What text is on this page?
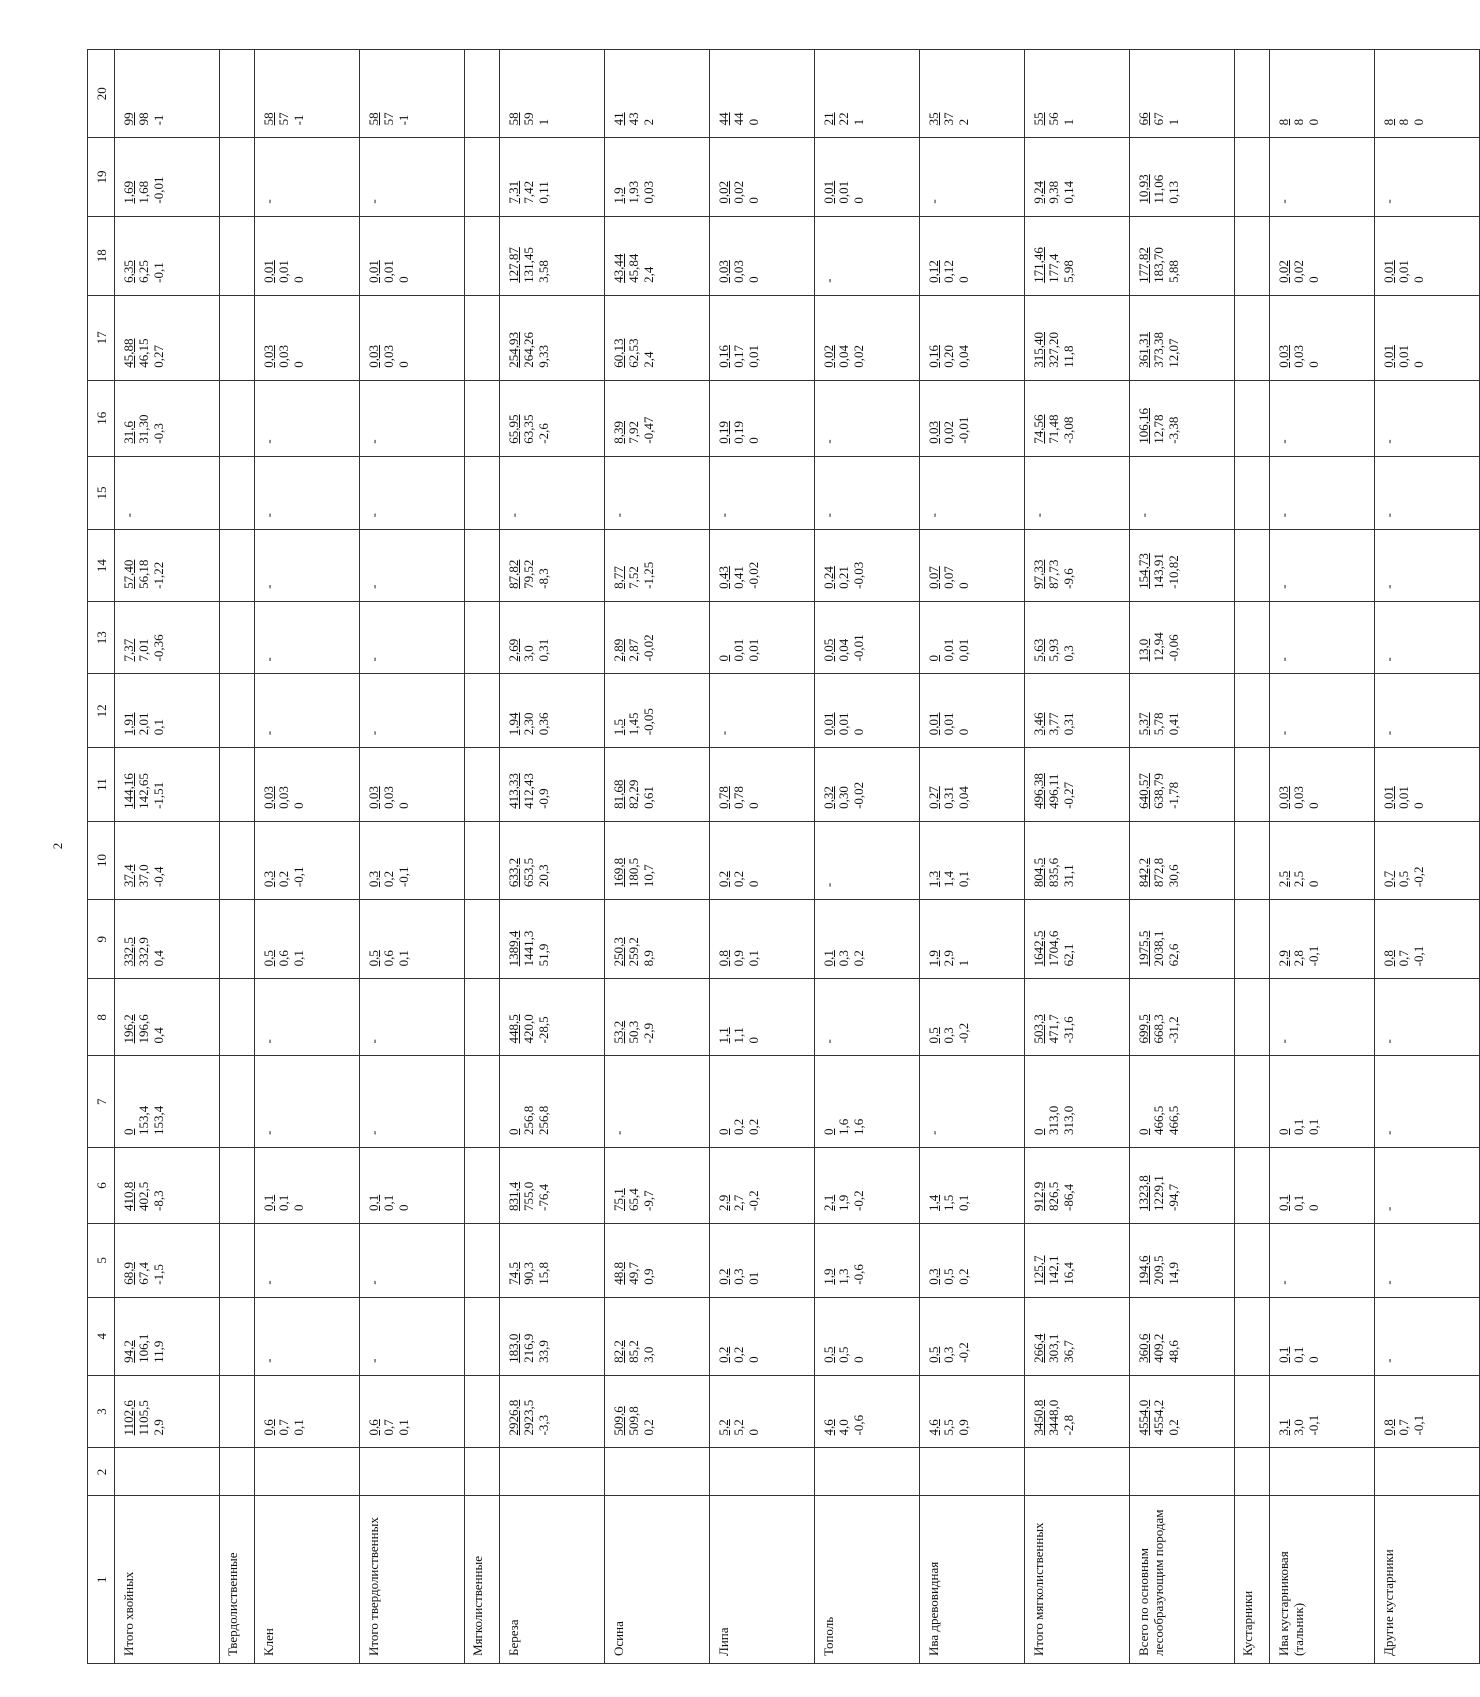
2
1	2	3	4	5	6	7	8	9	10	11	12	13	14	15	16	17	18	19	20
Итого хвойных		1102,6 1105,5 2,9	94,2 106,1 11,9	68,9 67,4 -1,5	410,8 402,5 -8,3	0 153,4 153,4	196,2 196,6 0,4	332,5 332,9 0,4	37,4 37,0 -0,4	144,16 142,65 -1,51	1,91 2,01 0,1	7,37 7,01 -0,36	57,40 56,18 -1,22	-	31,6 31,30 -0,3	45,88 46,15 0,27	6,35 6,25 -0,1	1,69 1,68 -0,01	99 98 -1

Твердолиственные																			
Клен		0,6 0,7 0,1	-	-	0,1 0,1 0	-	-	0,5 0,6 0,1	0,3 0,2 -0,1	0,03 0,03 0	-	-	-	-	-	0,03 0,03 0	0,01 0,01 0	-	58 57 -1

Итого твердолиственных		0,6 0,7 0,1	-	-	0,1 0,1 0	-	-	0,5 0,6 0,1	0,3 0,2 -0,1	0,03 0,03 0	-	-	-	-	-	0,03 0,03 0	0,01 0,01 0	-	58 57 -1

Мягколиственные																			
Береза		2926,8 2923,5 -3,3	183,0 216,9 33,9	74,5 90,3 15,8	831,4 755,0 -76,4	0 256,8 256,8	448,5 420,0 -28,5	1389,4 1441,3 51,9	633,2 653,5 20,3	413,33 412,43 -0,9	1,94 2,30 0,36	2,69 3,0 0,31	87,82 79,52 -8,3	-	65,95 63,35 -2,6	254,93 264,26 9,33	127,87 131,45 3,58	7,31 7,42 0,11	58 59 1

Осина		509,6 509,8 0,2	82,2 85,2 3,0	48,8 49,7 0,9	75,1 65,4 -9,7	-	53,2 50,3 -2,9	250,3 259,2 8,9	169,8 180,5 10,7	81,68 82,29 0,61	1,5 1,45 -0,05	2,89 2,87 -0,02	8,77 7,52 -1,25	-	8,39 7,92 -0,47	60,13 62,53 2,4	43,44 45,84 2,4	1,9 1,93 0,03	41 43 2

Липа		5,2 5,2 0	0,2 0,2 0	0,2 0,3 01	2,9 2,7 -0,2	0 0,2 0,2	1,1 1,1 0	0,8 0,9 0,1	0,2 0,2 0	0,78 0,78 0	-	0 0,01 0,01	0,43 0,41 -0,02	-	0,19 0,19 0	0,16 0,17 0,01	0,03 0,03 0	0,02 0,02 0	44 44 0

Тополь		4,6 4,0 -0,6	0,5 0,5 0	1,9 1,3 -0,6	2,1 1,9 -0,2	0 1,6 1,6	-	0,1 0,3 0,2	-	0,32 0,30 -0,02	0,01 0,01 0	0,05 0,04 -0,01	0,24 0,21 -0,03	-	-	0,02 0,04 0,02	-	0,01 0,01 0	21 22 1

Ива древовидная		4,6 5,5 0,9	0,5 0,3 -0,2	0,3 0,5 0,2	1,4 1,5 0,1	-	0,5 0,3 -0,2	1,9 2,9 1	1,3 1,4 0,1	0,27 0,31 0,04	0,01 0,01 0	0 0,01 0,01	0,07 0,07 0	-	0,03 0,02 -0,01	0,16 0,20 0,04	0,12 0,12 0	-	35 37 2

Итого мягколиственных		3450,8 3448,0 -2,8	266,4 303,1 36,7	125,7 142,1 16,4	912,9 826,5 -86,4	0 313,0 313,0	503,3 471,7 -31,6	1642,5 1704,6 62,1	804,5 835,6 31,1	496,38 496,11 -0,27	3,46 3,77 0,31	5,63 5,93 0,3	97,33 87,73 -9,6	-	74,56 71,48 -3,08	315,40 327,20 11,8	171,46 177,4 5,98	9,24 9,38 0,14	55 56 1

Всего по основным лесообразующим породам		4554,0 4554,2 0,2	360,6 409,2 48,6	194,6 209,5 14,9	1323,8 1229,1 -94,7	0 466,5 466,5	699,5 668,3 -31,2	1975,5 2038,1 62,6	842,2 872,8 30,6	640,57 638,79 -1,78	5,37 5,78 0,41	13,0 12,94 -0,06	154,73 143,91 -10,82	-	106,16 12,78 -3,38	361,31 373,38 12,07	177,82 183,70 5,88	10,93 11,06 0,13	66 67 1

Кустарники																			
Ива кустарниковая (тальник)		3,1 3,0 -0,1	0,1 0,1 0	-	0,1 0,1 0	0 0,1 0,1	-	2,9 2,8 -0,1	2,5 2,5 0	0,03 0,03 0	-	-	-	-	-	0,03 0,03 0	0,02 0,02 0	-	8 8 0

Другие кустарники		0,8 0,7 -0,1	-	-	-	-	-	0,8 0,7 -0,1	0,7 0,5 -0,2	0,01 0,01 0	-	-	-	-	-	0,01 0,01 0	0,01 0,01 0	-	8 8 0
